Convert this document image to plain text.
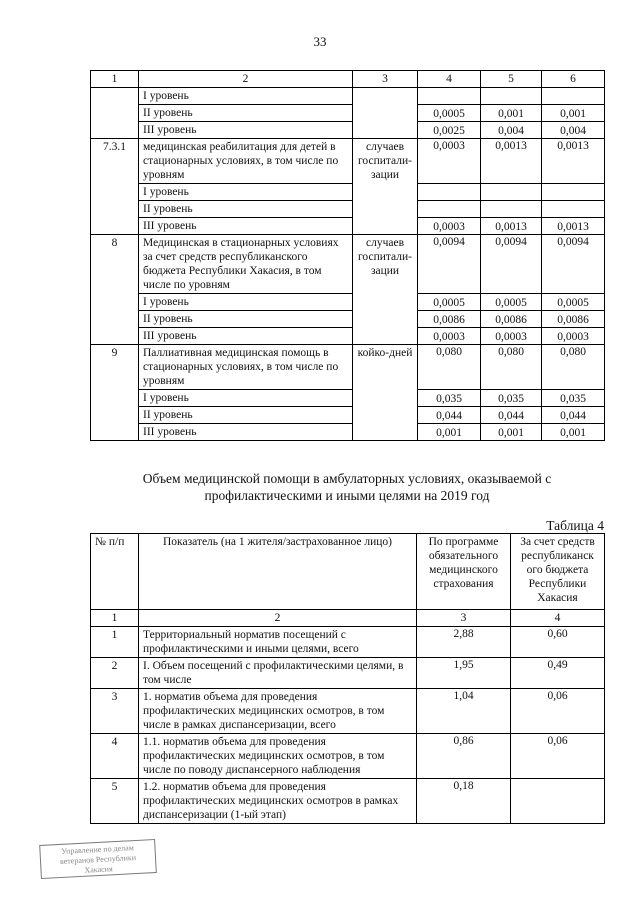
33
1	2	3	4	5	6
	I уровень				
	II уровень		0,0005	0,001	0,001
	III уровень		0,0025	0,004	0,004
7.3.1	медицинская реабилитация для детей в стационарных условиях, в том числе по уровням	случаев госпитали-зации	0,0003	0,0013	0,0013
	I уровень				
	II уровень				
	III уровень		0,0003	0,0013	0,0013
8	Медицинская в стационарных условиях за счет средств республиканского бюджета Республики Хакасия, в том числе по уровням	случаев госпитали-зации	0,0094	0,0094	0,0094
	I уровень		0,0005	0,0005	0,0005
	II уровень		0,0086	0,0086	0,0086
	III уровень		0,0003	0,0003	0,0003
9	Паллиативная медицинская помощь в стационарных условиях, в том числе по уровням	койко-дней	0,080	0,080	0,080
	I уровень		0,035	0,035	0,035
	II уровень		0,044	0,044	0,044
	III уровень		0,001	0,001	0,001
Объем медицинской помощи в амбулаторных условиях, оказываемой с профилактическими и иными целями на 2019 год
Таблица 4
№ п/п	Показатель (на 1 жителя/застрахованное лицо)	По программе обязательного медицинского страхования	За счет средств республиканск ого бюджета Республики Хакасия
1	2	3	4
1	Территориальный норматив посещений с профилактическими и иными целями, всего	2,88	0,60
2	I. Объем посещений с профилактическими целями, в том числе	1,95	0,49
3	1. норматив объема для проведения профилактических медицинских осмотров, в том числе в рамках диспансеризации, всего	1,04	0,06
4	1.1. норматив объема для проведения профилактических медицинских осмотров, в том числе по поводу диспансерного наблюдения	0,86	0,06
5	1.2. норматив объема для проведения профилактических медицинских осмотров в рамках диспансеризации (1-ый этап)	0,18	
Управление по делам
ветеранов Республики
Хакасия
